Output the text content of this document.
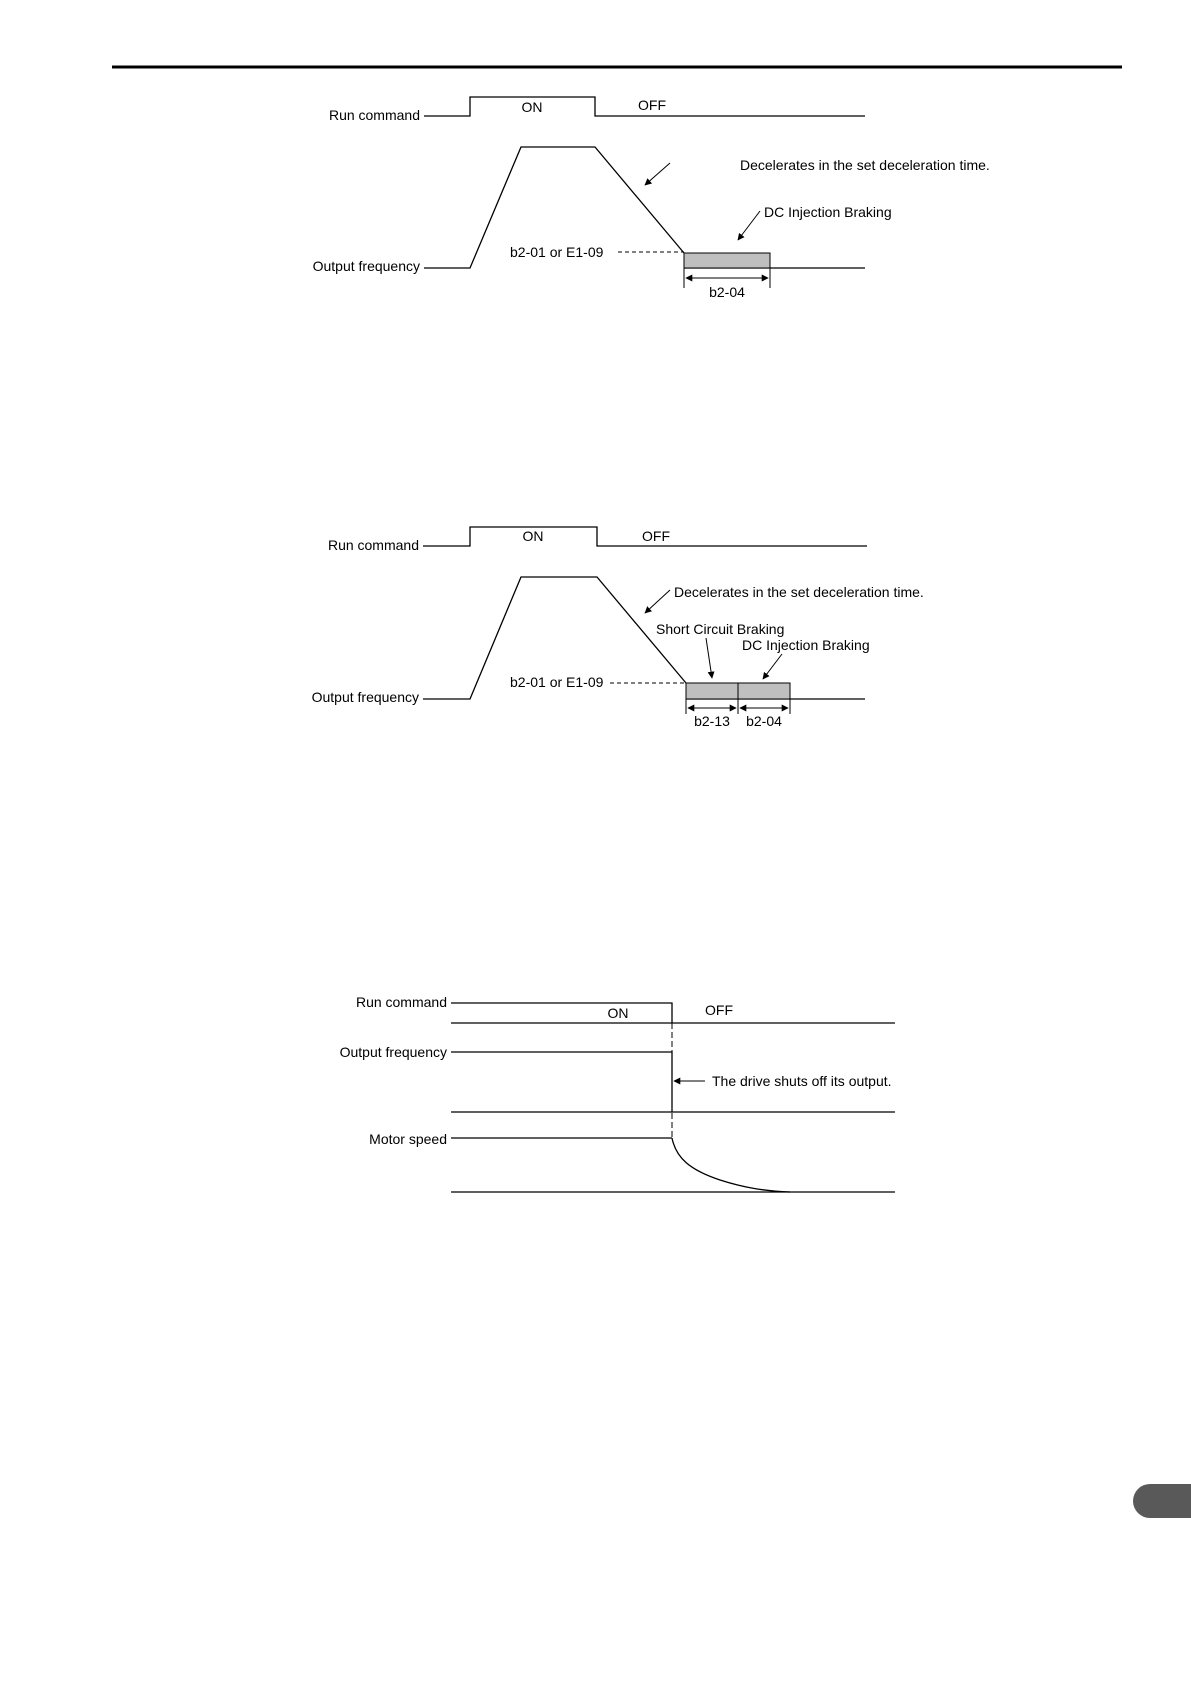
Run command	ON	OFF
Output frequency
Decelerates in the set deceleration time.
DC Injection Braking
b2-01 or E1-09
b2-04
Run command
ON	OFF
Output frequency
Decelerates in the set deceleration time.
Short Circuit Braking
DC Injection Braking
b2-01 or E1-09
b2-13 b2-04
Run command
ON	OFF
Output frequency
The drive shuts off its output.
Motor speed
